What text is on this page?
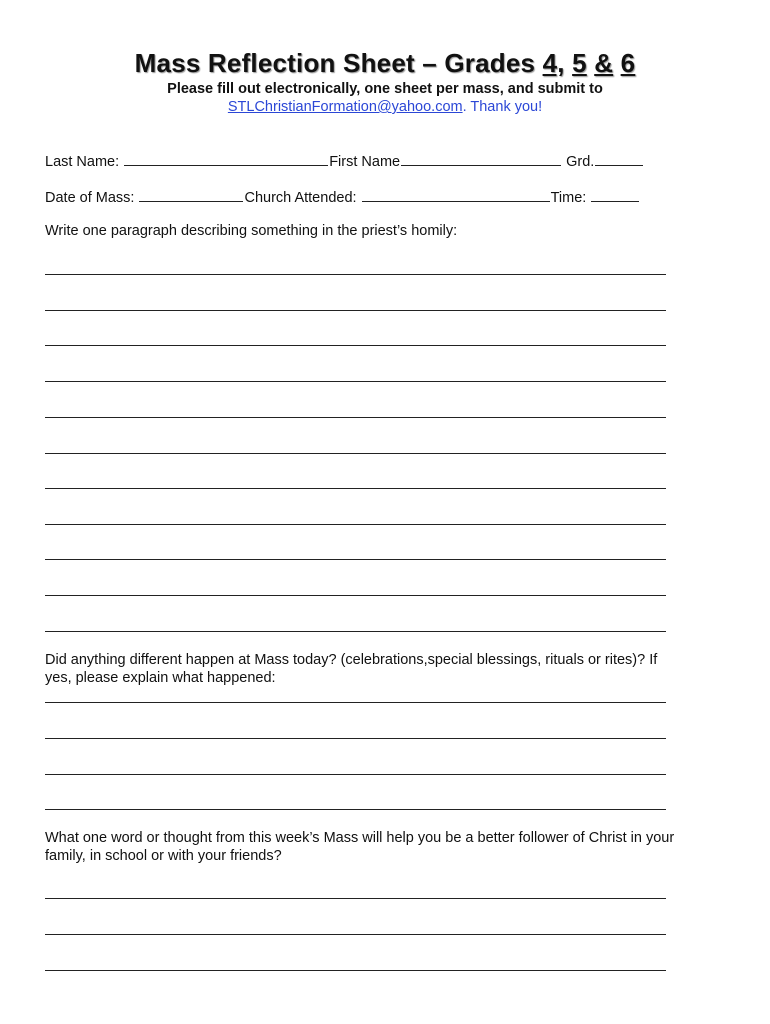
Mass Reflection Sheet – Grades 4, 5 & 6
Please fill out electronically, one sheet per mass, and submit to
STLChristianFormation@yahoo.com. Thank you!
Last Name:	First Name	Grd.
Date of Mass:	Church Attended:	Time:
Write one paragraph describing something in the priest’s homily:
Did anything different happen at Mass today? (celebrations,special blessings, rituals or rites)? If yes, please explain what happened:
What one word or thought from this week’s Mass will help you be a better follower of Christ in your family, in school or with your friends?
